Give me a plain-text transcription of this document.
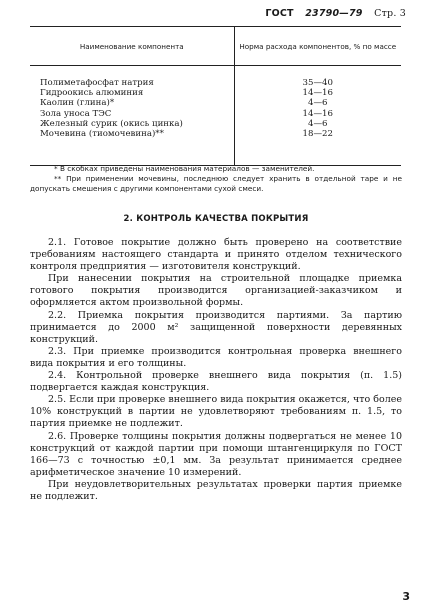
ГОСТ 23790—79 Стр. 3
Наименование компонента	Норма расхода компонентов, % по массе

Полиметафосфат натрия	35—40
Гидроокись алюминия	14—16
Каолин (глина)*	4—6
Зола уноса ТЭС	14—16
Железный сурик (окись цинка)	4—6
Мочевина (тиомочевина)**	18—22

* В скобках приведены наименования материалов — заменителей.

** При применении мочевины, последнюю следует хранить в отдельной таре и не допускать смешения с другими компонентами сухой смеси.

2. КОНТРОЛЬ КАЧЕСТВА ПОКРЫТИЯ

2.1. Готовое покрытие должно быть проверено на соответствие требованиям настоящего стандарта и принято отделом технического контроля предприятия — изготовителя конструкций.

При нанесении покрытия на строительной площадке приемка готового покрытия производится организацией-заказчиком и оформляется актом произвольной формы.

2.2. Приемка покрытия производится партиями. За партию принимается до 2000 м² защищенной поверхности деревянных конструкций.

2.3. При приемке производится контрольная проверка внешнего вида покрытия и его толщины.

2.4. Контрольной проверке внешнего вида покрытия (п. 1.5) подвергается каждая конструкция.

2.5. Если при проверке внешнего вида покрытия окажется, что более 10% конструкций в партии не удовлетворяют требованиям п. 1.5, то партия приемке не подлежит.

2.6. Проверке толщины покрытия должны подвергаться не менее 10 конструкций от каждой партии при помощи штангенциркуля по ГОСТ 166—73 с точностью ±0,1 мм. За результат принимается среднее арифметическое значение 10 измерений.

При неудовлетворительных результатах проверки партия приемке не подлежит.

3
